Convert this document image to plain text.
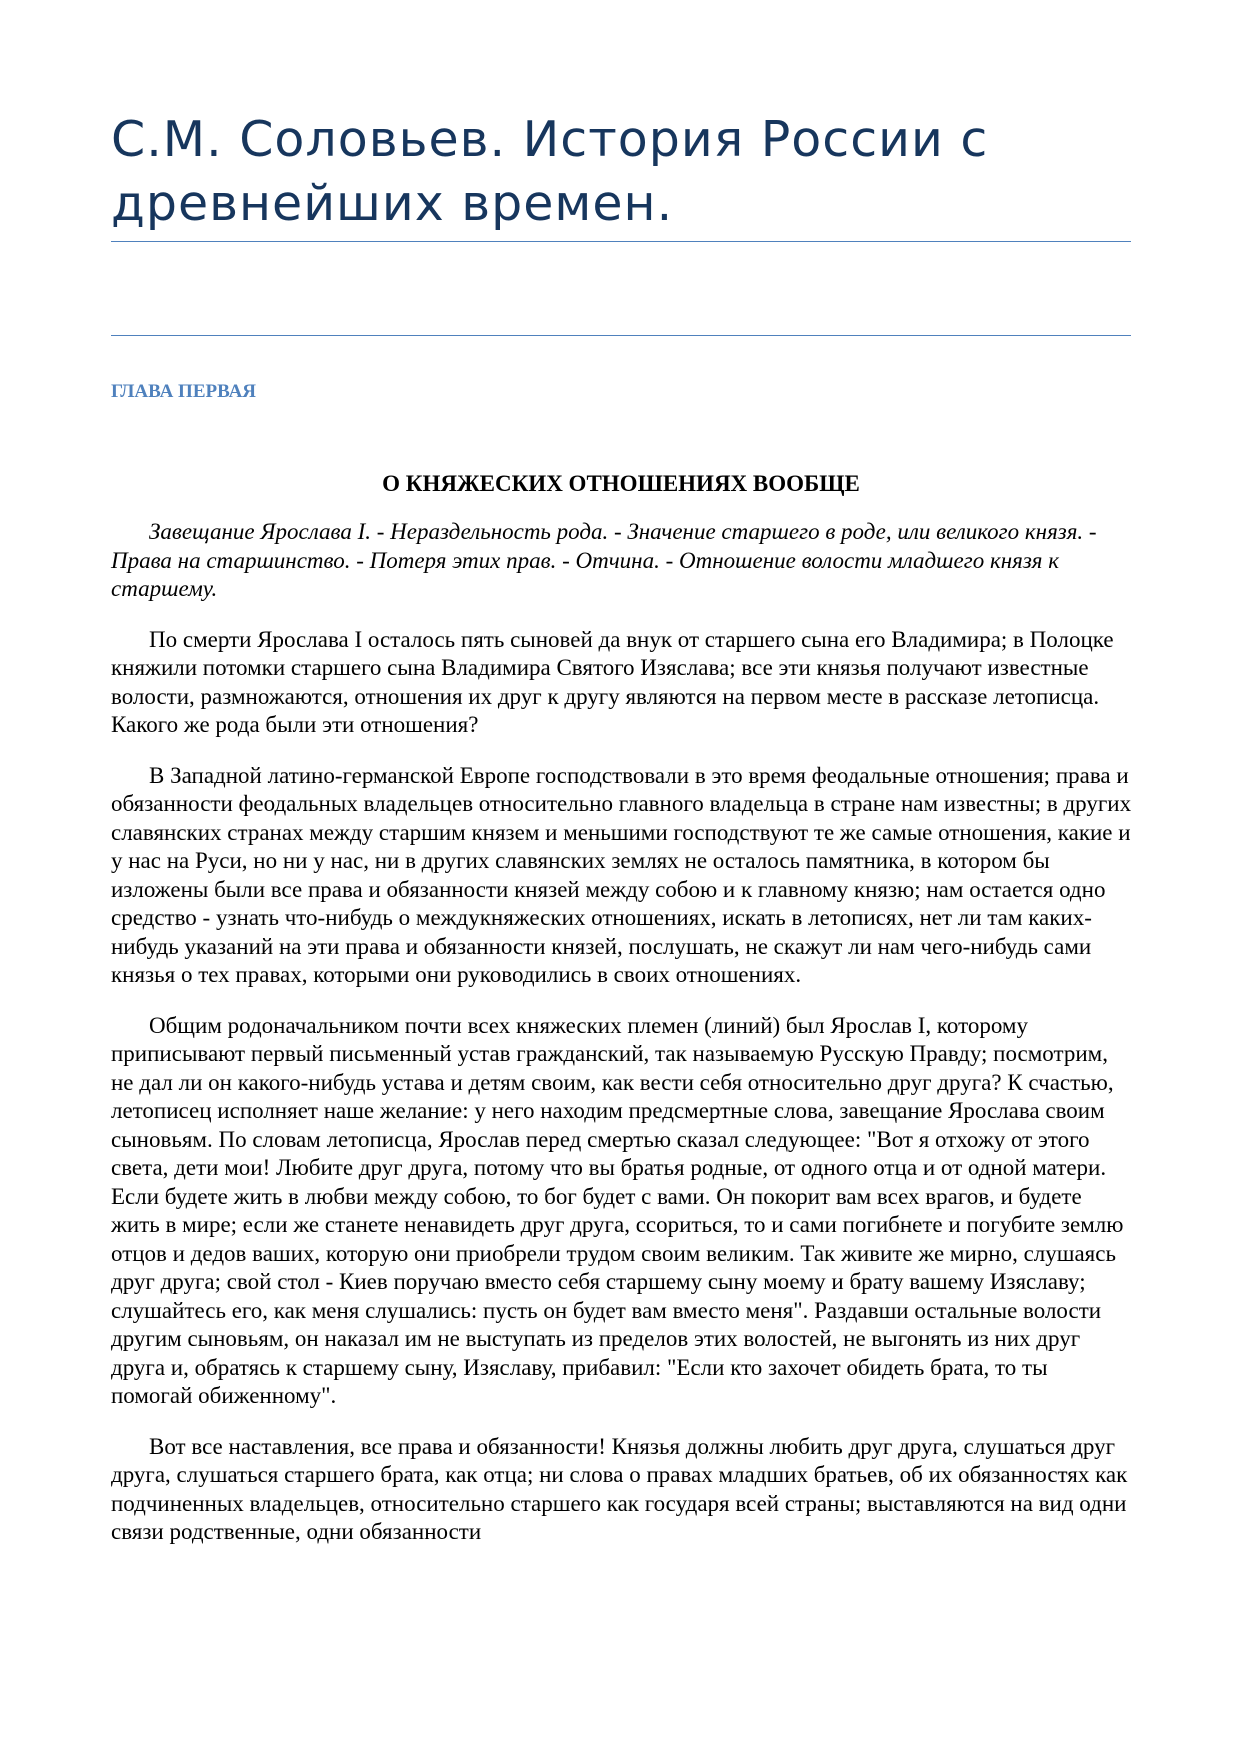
С.М. Соловьев. История России с древнейших времен.
ГЛАВА ПЕРВАЯ
О КНЯЖЕСКИХ ОТНОШЕНИЯХ ВООБЩЕ

Завещание Ярослава I. - Нераздельность рода. - Значение старшего в роде, или великого князя. - Права на старшинство. - Потеря этих прав. - Отчина. - Отношение волости младшего князя к старшему.

По смерти Ярослава I осталось пять сыновей да внук от старшего сына его Владимира; в Полоцке княжили потомки старшего сына Владимира Святого Изяслава; все эти князья получают известные волости, размножаются, отношения их друг к другу являются на первом месте в рассказе летописца. Какого же рода были эти отношения?

В Западной латино-германской Европе господствовали в это время феодальные отношения; права и обязанности феодальных владельцев относительно главного владельца в стране нам известны; в других славянских странах между старшим князем и меньшими господствуют те же самые отношения, какие и у нас на Руси, но ни у нас, ни в других славянских землях не осталось памятника, в котором бы изложены были все права и обязанности князей между собою и к главному князю; нам остается одно средство - узнать что-нибудь о междукняжеских отношениях, искать в летописях, нет ли там каких-нибудь указаний на эти права и обязанности князей, послушать, не скажут ли нам чего-нибудь сами князья о тех правах, которыми они руководились в своих отношениях.

Общим родоначальником почти всех княжеских племен (линий) был Ярослав I, которому приписывают первый письменный устав гражданский, так называемую Русскую Правду; посмотрим, не дал ли он какого-нибудь устава и детям своим, как вести себя относительно друг друга? К счастью, летописец исполняет наше желание: у него находим предсмертные слова, завещание Ярослава своим сыновьям. По словам летописца, Ярослав перед смертью сказал следующее: "Вот я отхожу от этого света, дети мои! Любите друг друга, потому что вы братья родные, от одного отца и от одной матери. Если будете жить в любви между собою, то бог будет с вами. Он покорит вам всех врагов, и будете жить в мире; если же станете ненавидеть друг друга, ссориться, то и сами погибнете и погубите землю отцов и дедов ваших, которую они приобрели трудом своим великим. Так живите же мирно, слушаясь друг друга; свой стол - Киев поручаю вместо себя старшему сыну моему и брату вашему Изяславу; слушайтесь его, как меня слушались: пусть он будет вам вместо меня". Раздавши остальные волости другим сыновьям, он наказал им не выступать из пределов этих волостей, не выгонять из них друг друга и, обратясь к старшему сыну, Изяславу, прибавил: "Если кто захочет обидеть брата, то ты помогай обиженному".

Вот все наставления, все права и обязанности! Князья должны любить друг друга, слушаться друг друга, слушаться старшего брата, как отца; ни слова о правах младших братьев, об их обязанностях как подчиненных владельцев, относительно старшего как государя всей страны; выставляются на вид одни связи родственные, одни обязанности
